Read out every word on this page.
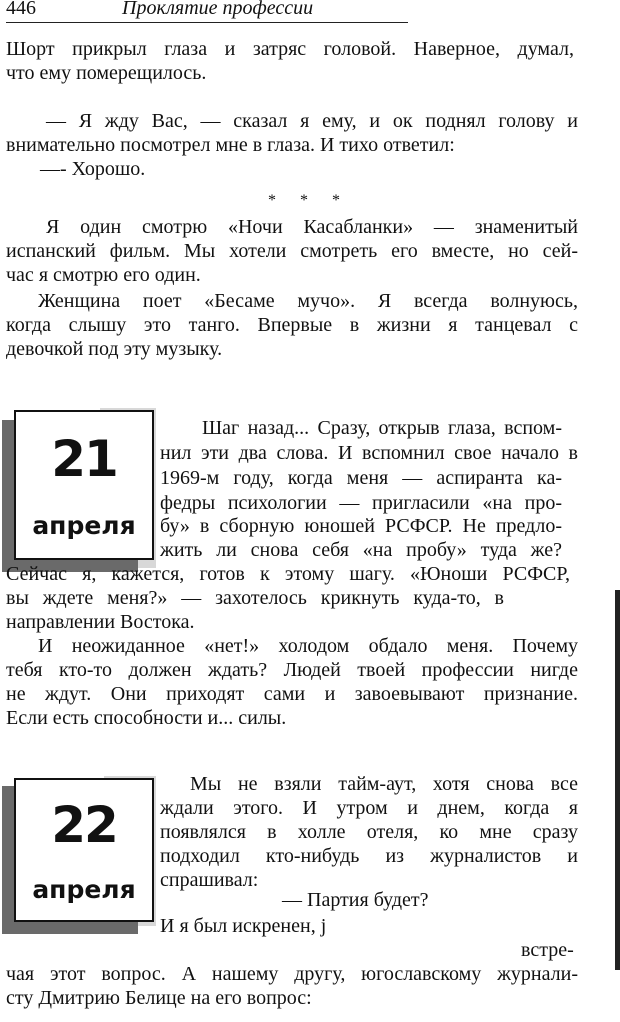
446	Проклятие профессии
* * *
21
апреля
22
апреля
Шорт прикрыл глаза и затряс головой. Наверное, думал,
что ему померещилось.
— Я жду Вас, — сказал я ему, и ок поднял голову и
внимательно посмотрел мне в глаза. И тихо ответил:
—- Хорошо.
Я один смотрю «Ночи Касабланки» — знаменитый
испанский фильм. Мы хотели смотреть его вместе, но сей-
час я смотрю его один.
Женщина поет «Бесаме мучо». Я всегда волнуюсь,
когда слышу это танго. Впервые в жизни я танцевал с
девочкой под эту музыку.
Шаг назад... Сразу, открыв глаза, вспом-
нил эти два слова. И вспомнил свое начало в
1969-м году, когда меня — аспиранта ка-
федры психологии — пригласили «на про-
бу» в сборную юношей РСФСР. Не предло-
жить ли снова себя «на пробу» туда же?
Сейчас я, кажется, готов к этому шагу. «Юноши РСФСР,
вы ждете меня?» — захотелось крикнуть куда-то, в
направлении Востока.
И неожиданное «нет!» холодом обдало меня. Почему
тебя кто-то должен ждать? Людей твоей профессии нигде
не ждут. Они приходят сами и завоевывают признание.
Если есть способности и... силы.
Мы не взяли тайм-аут, хотя снова все
ждали этого. И утром и днем, когда я
появлялся в холле отеля, ко мне сразу
подходил кто-нибудь из журналистов и
спрашивал:
— Партия будет?
И я был искренен, j
встре-
чая этот вопрос. А нашему другу, югославскому журнали-
сту Дмитрию Белице на его вопрос:
